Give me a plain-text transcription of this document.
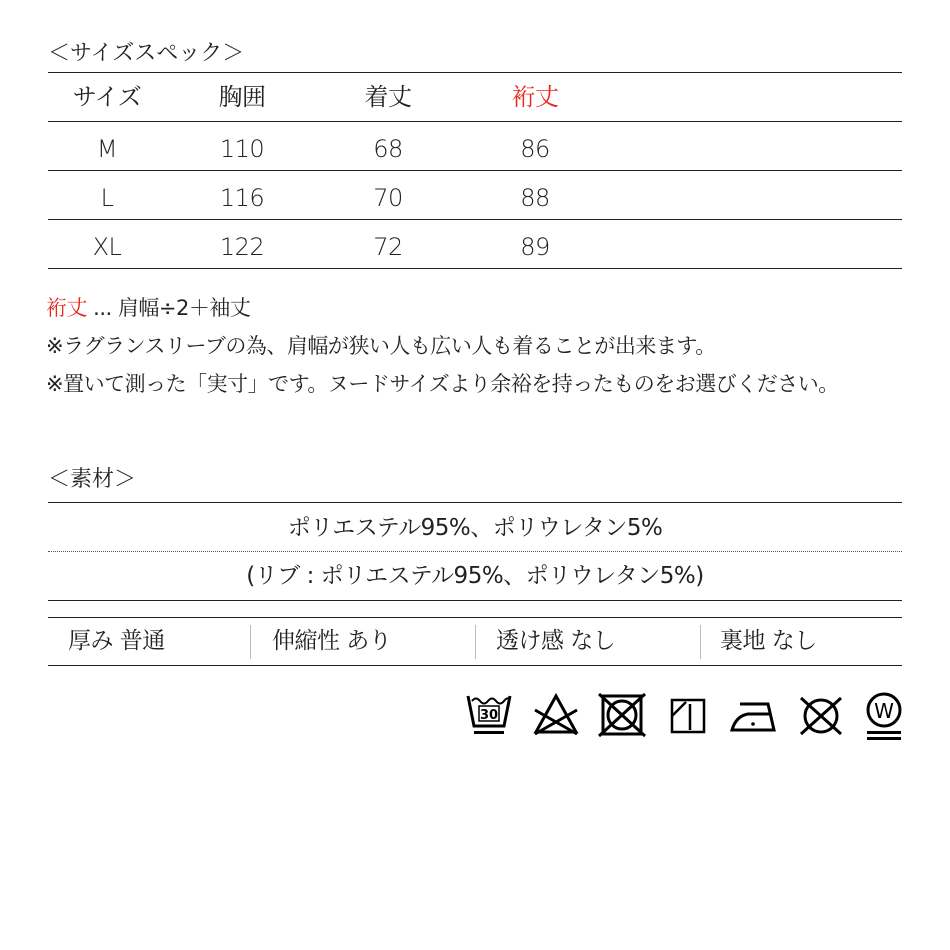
＜サイズスペック＞
サイズ	胸囲	着丈	裄丈
M	110	68	86
L	116	70	88
XL	122	72	89
裄丈 ... 肩幅÷2＋袖丈
※ラグランスリーブの為、肩幅が狭い人も広い人も着ることが出来ます。
※置いて測った「実寸」です。ヌードサイズより余裕を持ったものをお選びください。
＜素材＞
ポリエステル95%、ポリウレタン5%
(リブ : ポリエステル95%、ポリウレタン5%)
厚み 普通	伸縮性 あり	透け感 なし	裏地 なし
30	W
